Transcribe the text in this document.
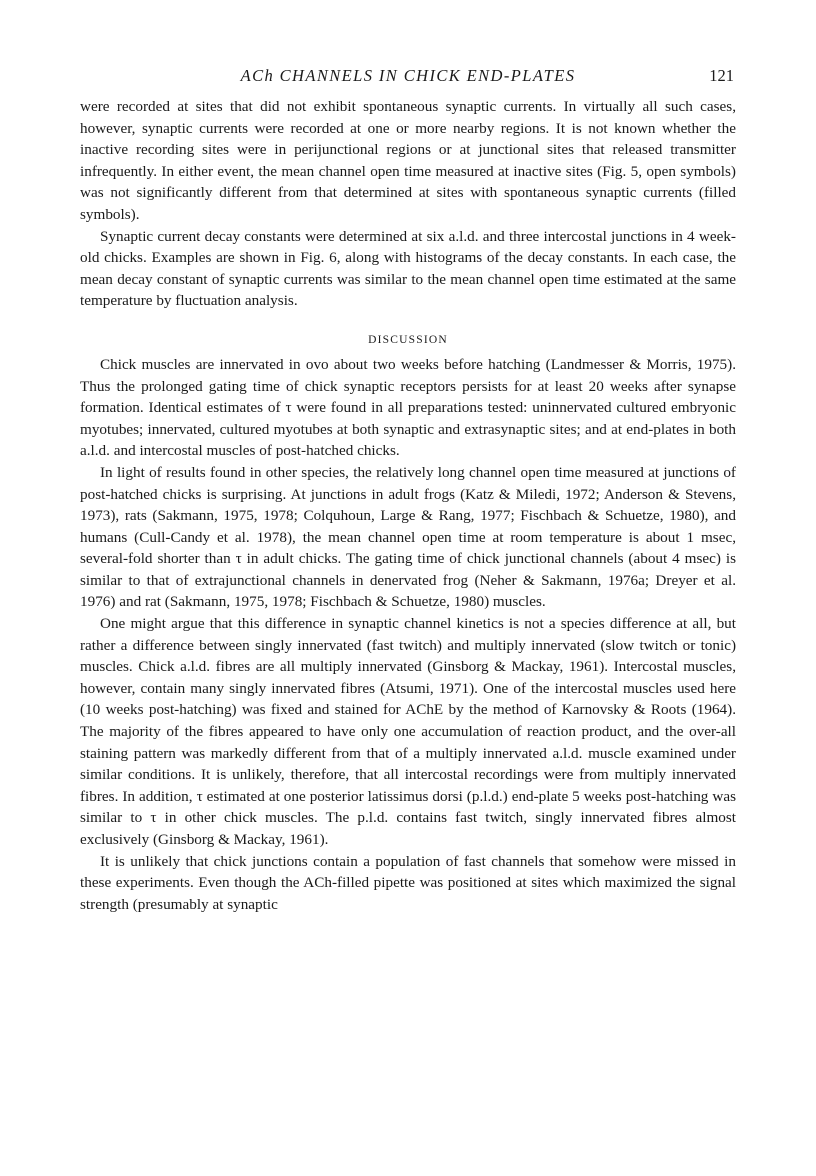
ACh CHANNELS IN CHICK END-PLATES	121

were recorded at sites that did not exhibit spontaneous synaptic currents. In virtually all such cases, however, synaptic currents were recorded at one or more nearby regions. It is not known whether the inactive recording sites were in perijunctional regions or at junctional sites that released transmitter infrequently. In either event, the mean channel open time measured at inactive sites (Fig. 5, open symbols) was not significantly different from that determined at sites with spontaneous synaptic currents (filled symbols).

Synaptic current decay constants were determined at six a.l.d. and three intercostal junctions in 4 week-old chicks. Examples are shown in Fig. 6, along with histograms of the decay constants. In each case, the mean decay constant of synaptic currents was similar to the mean channel open time estimated at the same temperature by fluctuation analysis.

DISCUSSION

Chick muscles are innervated in ovo about two weeks before hatching (Landmesser & Morris, 1975). Thus the prolonged gating time of chick synaptic receptors persists for at least 20 weeks after synapse formation. Identical estimates of τ were found in all preparations tested: uninnervated cultured embryonic myotubes; innervated, cultured myotubes at both synaptic and extrasynaptic sites; and at end-plates in both a.l.d. and intercostal muscles of post-hatched chicks.

In light of results found in other species, the relatively long channel open time measured at junctions of post-hatched chicks is surprising. At junctions in adult frogs (Katz & Miledi, 1972; Anderson & Stevens, 1973), rats (Sakmann, 1975, 1978; Colquhoun, Large & Rang, 1977; Fischbach & Schuetze, 1980), and humans (Cull-Candy et al. 1978), the mean channel open time at room temperature is about 1 msec, several-fold shorter than τ in adult chicks. The gating time of chick junctional channels (about 4 msec) is similar to that of extrajunctional channels in denervated frog (Neher & Sakmann, 1976a; Dreyer et al. 1976) and rat (Sakmann, 1975, 1978; Fischbach & Schuetze, 1980) muscles.

One might argue that this difference in synaptic channel kinetics is not a species difference at all, but rather a difference between singly innervated (fast twitch) and multiply innervated (slow twitch or tonic) muscles. Chick a.l.d. fibres are all multiply innervated (Ginsborg & Mackay, 1961). Intercostal muscles, however, contain many singly innervated fibres (Atsumi, 1971). One of the intercostal muscles used here (10 weeks post-hatching) was fixed and stained for AChE by the method of Karnovsky & Roots (1964). The majority of the fibres appeared to have only one accumulation of reaction product, and the over-all staining pattern was markedly different from that of a multiply innervated a.l.d. muscle examined under similar conditions. It is unlikely, therefore, that all intercostal recordings were from multiply innervated fibres. In addition, τ estimated at one posterior latissimus dorsi (p.l.d.) end-plate 5 weeks post-hatching was similar to τ in other chick muscles. The p.l.d. contains fast twitch, singly innervated fibres almost exclusively (Ginsborg & Mackay, 1961).

It is unlikely that chick junctions contain a population of fast channels that somehow were missed in these experiments. Even though the ACh-filled pipette was positioned at sites which maximized the signal strength (presumably at synaptic
